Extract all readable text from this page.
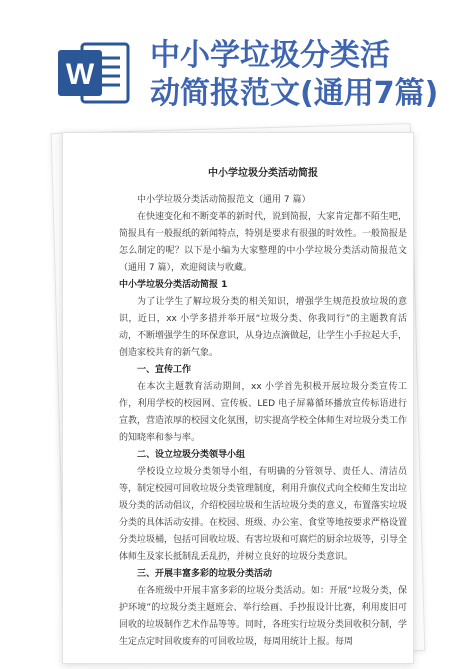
W
中小学垃圾分类活
动简报范文(通用7篇)

中小学垃圾分类活动简报

中小学垃圾分类活动简报范文（通用 7 篇）

在快速变化和不断变革的新时代，说到简报，大家肯定都不陌生吧，简报具有一般报纸的新闻特点，特别是要求有很强的时效性。一般简报是怎么制定的呢？以下是小编为大家整理的中小学垃圾分类活动简报范文（通用 7 篇），欢迎阅读与收藏。

中小学垃圾分类活动简报 1

为了让学生了解垃圾分类的相关知识，增强学生规范投放垃圾的意识，近日，xx 小学多措并举开展“垃圾分类、你我同行”的主题教育活动，不断增强学生的环保意识，从身边点滴做起，让学生小手拉起大手，创造家校共育的新气象。

一、宣传工作

在本次主题教育活动期间，xx 小学首先积极开展垃圾分类宣传工作，利用学校的校园网、宣传板、LED 电子屏幕循环播放宣传标语进行宣教，营造浓厚的校园文化氛围，切实提高学校全体师生对垃圾分类工作的知晓率和参与率。

二、设立垃圾分类领导小组

学校设立垃圾分类领导小组，有明确的分管领导、责任人、清洁员等，制定校园可回收垃圾分类管理制度，利用升旗仪式向全校师生发出垃圾分类的活动倡议，介绍校园垃圾和生活垃圾分类的意义，布置落实垃圾分类的具体活动安排。在校园、班级、办公室、食堂等地按要求严格设置分类垃圾桶，包括可回收垃圾、有害垃圾和可腐烂的厨余垃圾等，引导全体师生及家长抵制乱丢乱扔，并树立良好的垃圾分类意识。

三、开展丰富多彩的垃圾分类活动

在各班级中开展丰富多彩的垃圾分类活动。如：开展“垃圾分类，保护环境”的垃圾分类主题班会、举行绘画、手抄报设计比赛，利用废旧可回收的垃圾制作艺术作品等等。同时，各班实行垃圾分类回收积分制，学生定点定时回收废弃的可回收垃圾，每周用统计上报。每周
